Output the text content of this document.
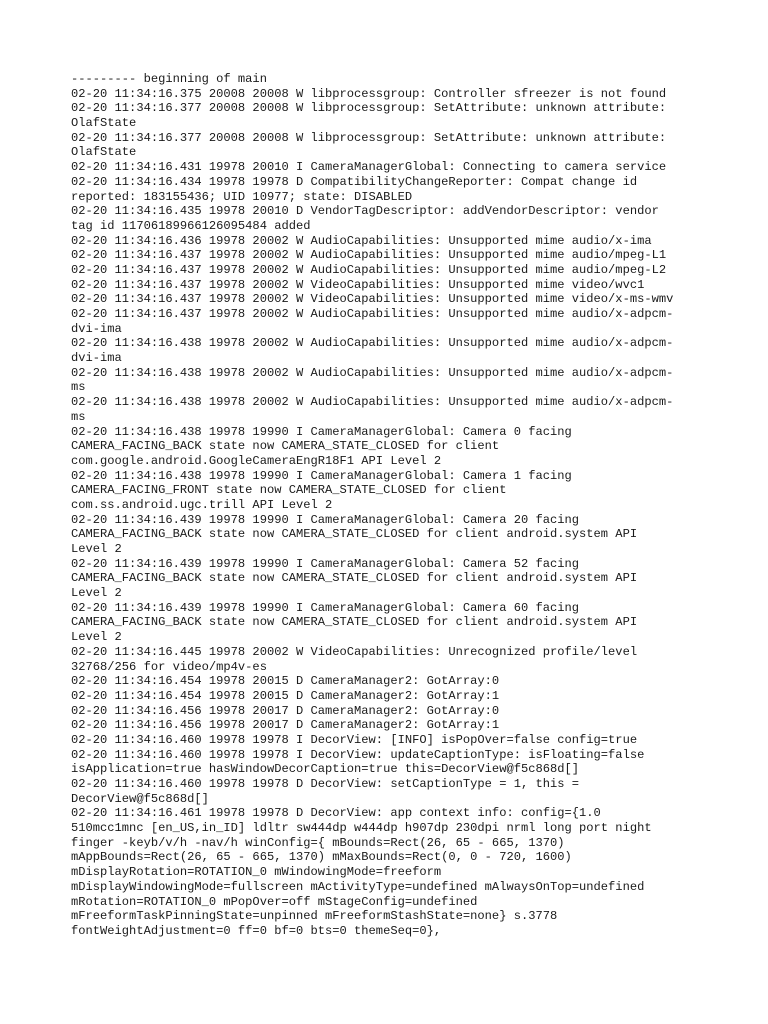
--------- beginning of main
02-20 11:34:16.375 20008 20008 W libprocessgroup: Controller sfreezer is not found
02-20 11:34:16.377 20008 20008 W libprocessgroup: SetAttribute: unknown attribute:
OlafState
02-20 11:34:16.377 20008 20008 W libprocessgroup: SetAttribute: unknown attribute:
OlafState
02-20 11:34:16.431 19978 20010 I CameraManagerGlobal: Connecting to camera service
02-20 11:34:16.434 19978 19978 D CompatibilityChangeReporter: Compat change id
reported: 183155436; UID 10977; state: DISABLED
02-20 11:34:16.435 19978 20010 D VendorTagDescriptor: addVendorDescriptor: vendor
tag id 11706189966126095484 added
02-20 11:34:16.436 19978 20002 W AudioCapabilities: Unsupported mime audio/x-ima
02-20 11:34:16.437 19978 20002 W AudioCapabilities: Unsupported mime audio/mpeg-L1
02-20 11:34:16.437 19978 20002 W AudioCapabilities: Unsupported mime audio/mpeg-L2
02-20 11:34:16.437 19978 20002 W VideoCapabilities: Unsupported mime video/wvc1
02-20 11:34:16.437 19978 20002 W VideoCapabilities: Unsupported mime video/x-ms-wmv
02-20 11:34:16.437 19978 20002 W AudioCapabilities: Unsupported mime audio/x-adpcm-
dvi-ima
02-20 11:34:16.438 19978 20002 W AudioCapabilities: Unsupported mime audio/x-adpcm-
dvi-ima
02-20 11:34:16.438 19978 20002 W AudioCapabilities: Unsupported mime audio/x-adpcm-
ms
02-20 11:34:16.438 19978 20002 W AudioCapabilities: Unsupported mime audio/x-adpcm-
ms
02-20 11:34:16.438 19978 19990 I CameraManagerGlobal: Camera 0 facing
CAMERA_FACING_BACK state now CAMERA_STATE_CLOSED for client
com.google.android.GoogleCameraEngR18F1 API Level 2
02-20 11:34:16.438 19978 19990 I CameraManagerGlobal: Camera 1 facing
CAMERA_FACING_FRONT state now CAMERA_STATE_CLOSED for client
com.ss.android.ugc.trill API Level 2
02-20 11:34:16.439 19978 19990 I CameraManagerGlobal: Camera 20 facing
CAMERA_FACING_BACK state now CAMERA_STATE_CLOSED for client android.system API
Level 2
02-20 11:34:16.439 19978 19990 I CameraManagerGlobal: Camera 52 facing
CAMERA_FACING_BACK state now CAMERA_STATE_CLOSED for client android.system API
Level 2
02-20 11:34:16.439 19978 19990 I CameraManagerGlobal: Camera 60 facing
CAMERA_FACING_BACK state now CAMERA_STATE_CLOSED for client android.system API
Level 2
02-20 11:34:16.445 19978 20002 W VideoCapabilities: Unrecognized profile/level
32768/256 for video/mp4v-es
02-20 11:34:16.454 19978 20015 D CameraManager2: GotArray:0
02-20 11:34:16.454 19978 20015 D CameraManager2: GotArray:1
02-20 11:34:16.456 19978 20017 D CameraManager2: GotArray:0
02-20 11:34:16.456 19978 20017 D CameraManager2: GotArray:1
02-20 11:34:16.460 19978 19978 I DecorView: [INFO] isPopOver=false config=true
02-20 11:34:16.460 19978 19978 I DecorView: updateCaptionType: isFloating=false
isApplication=true hasWindowDecorCaption=true this=DecorView@f5c868d[]
02-20 11:34:16.460 19978 19978 D DecorView: setCaptionType = 1, this =
DecorView@f5c868d[]
02-20 11:34:16.461 19978 19978 D DecorView: app context info: config={1.0
510mcc1mnc [en_US,in_ID] ldltr sw444dp w444dp h907dp 230dpi nrml long port night
finger -keyb/v/h -nav/h winConfig={ mBounds=Rect(26, 65 - 665, 1370)
mAppBounds=Rect(26, 65 - 665, 1370) mMaxBounds=Rect(0, 0 - 720, 1600)
mDisplayRotation=ROTATION_0 mWindowingMode=freeform
mDisplayWindowingMode=fullscreen mActivityType=undefined mAlwaysOnTop=undefined
mRotation=ROTATION_0 mPopOver=off mStageConfig=undefined
mFreeformTaskPinningState=unpinned mFreeformStashState=none} s.3778
fontWeightAdjustment=0 ff=0 bf=0 bts=0 themeSeq=0},
